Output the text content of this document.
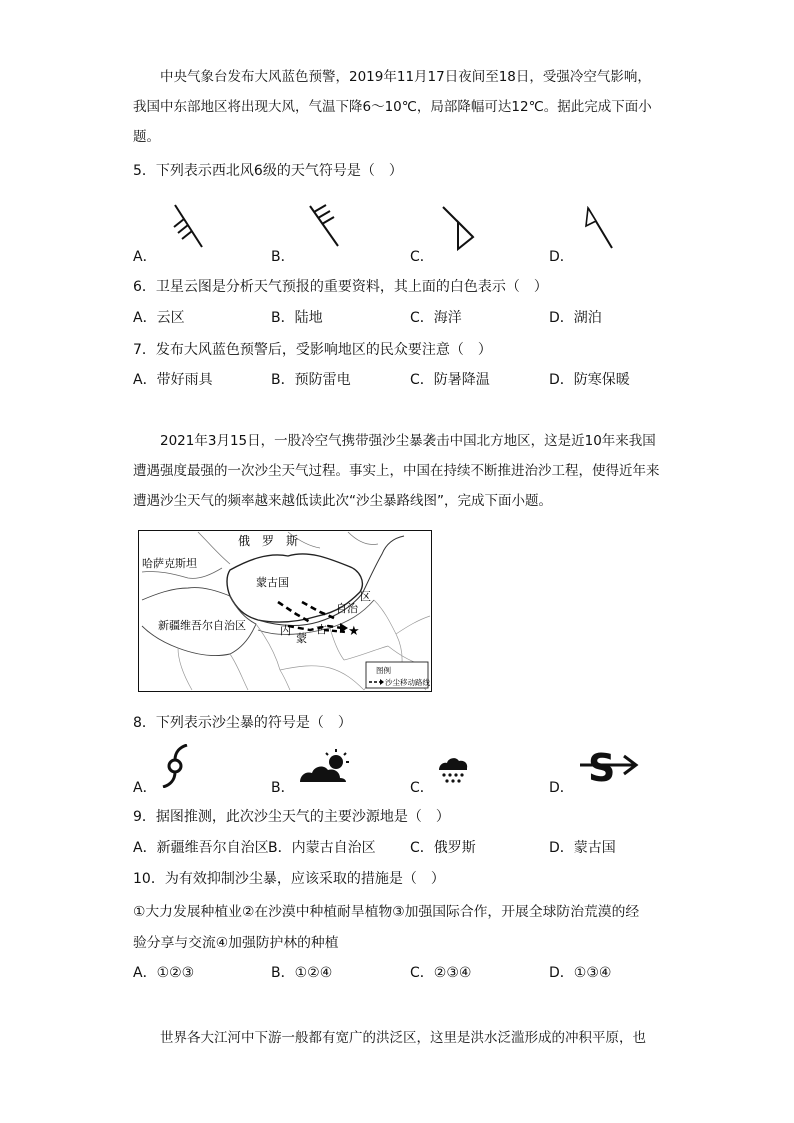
中央气象台发布大风蓝色预警，2019年11月17日夜间至18日，受强冷空气影响，我国中东部地区将出现大风，气温下降6～10℃，局部降幅可达12℃。据此完成下面小题。
5．下列表示西北风6级的天气符号是（　）
A．	B．	C．	D．
6．卫星云图是分析天气预报的重要资料，其上面的白色表示（　）
A．云区	B．陆地	C．海洋	D．湖泊
7．发布大风蓝色预警后，受影响地区的民众要注意（　）
A．带好雨具	B．预防雷电	C．防暑降温	D．防寒保暖
2021年3月15日，一股冷空气携带强沙尘暴袭击中国北方地区，这是近10年来我国遭遇强度最强的一次沙尘天气过程。事实上，中国在持续不断推进治沙工程，使得近年来遭遇沙尘天气的频率越来越低读此次“沙尘暴路线图”，完成下面小题。
俄　罗　斯
哈萨克斯坦
蒙古国
新疆维吾尔自治区	内
蒙
古
自治
区
★
图例
沙尘移动路线
8．下列表示沙尘暴的符号是（　）
A．	B．	C．	D． S
9．据图推测，此次沙尘天气的主要沙源地是（　）
A．新疆维吾尔自治区 B．内蒙古自治区 C．俄罗斯	D．蒙古国
10．为有效抑制沙尘暴，应该采取的措施是（　）
①大力发展种植业②在沙漠中种植耐旱植物③加强国际合作，开展全球防治荒漠的经
验分享与交流④加强防护林的种植
A．①②③	B．①②④	C．②③④	D．①③④
世界各大江河中下游一般都有宽广的洪泛区，这里是洪水泛滥形成的冲积平原，也
